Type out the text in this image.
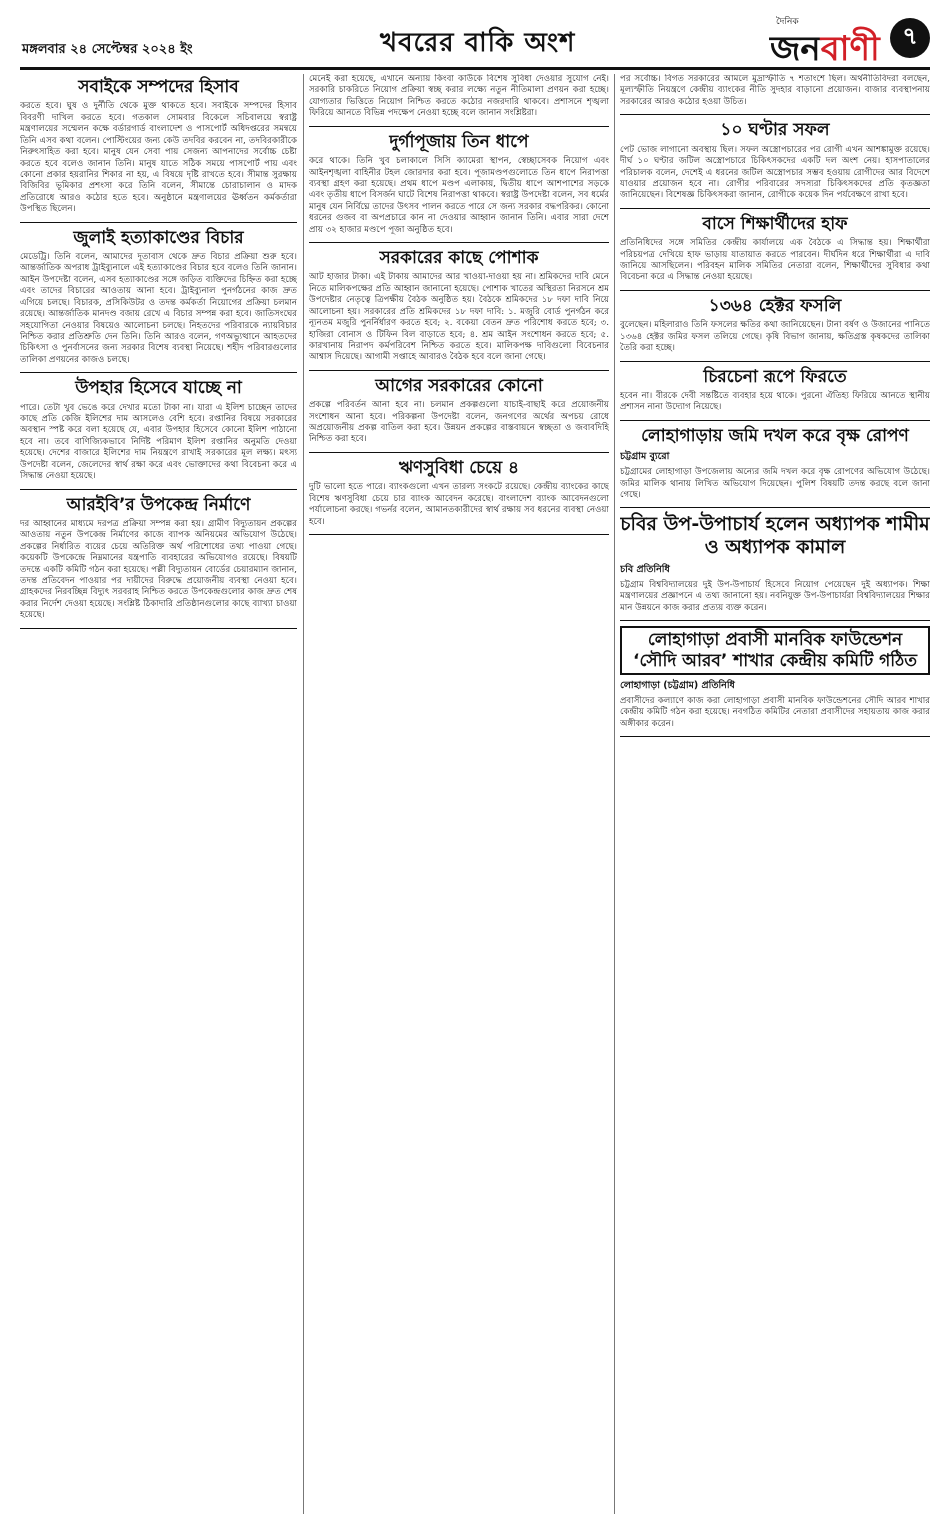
মঙ্গলবার ২৪ সেপ্টেম্বর ২০২৪ ইং	খবরের বাকি অংশ
দৈনিক
জনবাণী ৭
সবাইকে সম্পদের হিসাব
করতে হবে। ঘুষ ও দুর্নীতি থেকে মুক্ত থাকতে হবে। সবাইকে সম্পদের হিসাব বিবরণী দাখিল করতে হবে। গতকাল সোমবার বিকেলে সচিবালয়ে স্বরাষ্ট্র মন্ত্রণালয়ের সম্মেলন কক্ষে বর্ডারগার্ড বাংলাদেশ ও পাসপোর্ট অধিদপ্তরের সমন্বয়ে তিনি এসব কথা বলেন। পোস্টিংয়ের জন্য কেউ তদবির করবেন না, তদবিরকারীকে নিরুৎসাহিত করা হবে। মানুষ যেন সেবা পায় সেজন্য আপনাদের সর্বোচ্চ চেষ্টা করতে হবে বলেও জানান তিনি। মানুষ যাতে সঠিক সময়ে পাসপোর্ট পায় এবং কোনো প্রকার হয়রানির শিকার না হয়, এ বিষয়ে দৃষ্টি রাখতে হবে। সীমান্ত সুরক্ষায় বিজিবির ভূমিকার প্রশংসা করে তিনি বলেন, সীমান্তে চোরাচালান ও মাদক প্রতিরোধে আরও কঠোর হতে হবে। অনুষ্ঠানে মন্ত্রণালয়ের ঊর্ধ্বতন কর্মকর্তারা উপস্থিত ছিলেন।
জুলাই হত্যাকাণ্ডের বিচার
মেডেট্রি। তিনি বলেন, আমাদের দূতাবাস থেকে দ্রুত বিচার প্রক্রিয়া শুরু হবে। আন্তর্জাতিক অপরাধ ট্রাইব্যুনালে এই হত্যাকাণ্ডের বিচার হবে বলেও তিনি জানান। আইন উপদেষ্টা বলেন, এসব হত্যাকাণ্ডের সঙ্গে জড়িত ব্যক্তিদের চিহ্নিত করা হচ্ছে এবং তাদের বিচারের আওতায় আনা হবে। ট্রাইব্যুনাল পুনর্গঠনের কাজ দ্রুত এগিয়ে চলছে। বিচারক, প্রসিকিউটর ও তদন্ত কর্মকর্তা নিয়োগের প্রক্রিয়া চলমান রয়েছে। আন্তর্জাতিক মানদণ্ড বজায় রেখে এ বিচার সম্পন্ন করা হবে। জাতিসংঘের সহযোগিতা নেওয়ার বিষয়েও আলোচনা চলছে। নিহতদের পরিবারকে ন্যায়বিচার নিশ্চিত করার প্রতিশ্রুতি দেন তিনি। তিনি আরও বলেন, গণঅভ্যুত্থানে আহতদের চিকিৎসা ও পুনর্বাসনের জন্য সরকার বিশেষ ব্যবস্থা নিয়েছে। শহীদ পরিবারগুলোর তালিকা প্রণয়নের কাজও চলছে।
উপহার হিসেবে যাচ্ছে না
পারে। তেটা খুব ভেঙে করে দেখার মতো টাকা না। যারা এ ইলিশ চাচ্ছেন তাদের কাছে প্রতি কেজি ইলিশের দাম আসলেও বেশি হবে। রপ্তানির বিষয়ে সরকারের অবস্থান স্পষ্ট করে বলা হয়েছে যে, এবার উপহার হিসেবে কোনো ইলিশ পাঠানো হবে না। তবে বাণিজ্যিকভাবে নির্দিষ্ট পরিমাণ ইলিশ রপ্তানির অনুমতি দেওয়া হয়েছে। দেশের বাজারে ইলিশের দাম নিয়ন্ত্রণে রাখাই সরকারের মূল লক্ষ্য। মৎস্য উপদেষ্টা বলেন, জেলেদের স্বার্থ রক্ষা করে এবং ভোক্তাদের কথা বিবেচনা করে এ সিদ্ধান্ত নেওয়া হয়েছে।
আরইবি’র উপকেন্দ্র নির্মাণে
দর আহ্বানের মাধ্যমে দরপত্র প্রক্রিয়া সম্পন্ন করা হয়। গ্রামীণ বিদ্যুতায়ন প্রকল্পের আওতায় নতুন উপকেন্দ্র নির্মাণের কাজে ব্যাপক অনিয়মের অভিযোগ উঠেছে। প্রকল্পের নির্ধারিত ব্যয়ের চেয়ে অতিরিক্ত অর্থ পরিশোধের তথ্য পাওয়া গেছে। কয়েকটি উপকেন্দ্রে নিম্নমানের যন্ত্রপাতি ব্যবহারের অভিযোগও রয়েছে। বিষয়টি তদন্তে একটি কমিটি গঠন করা হয়েছে। পল্লী বিদ্যুতায়ন বোর্ডের চেয়ারম্যান জানান, তদন্ত প্রতিবেদন পাওয়ার পর দায়ীদের বিরুদ্ধে প্রয়োজনীয় ব্যবস্থা নেওয়া হবে। গ্রাহকদের নিরবচ্ছিন্ন বিদ্যুৎ সরবরাহ নিশ্চিত করতে উপকেন্দ্রগুলোর কাজ দ্রুত শেষ করার নির্দেশ দেওয়া হয়েছে। সংশ্লিষ্ট ঠিকাদারি প্রতিষ্ঠানগুলোর কাছে ব্যাখ্যা চাওয়া হয়েছে।
মেনেই করা হয়েছে, এখানে অন্যায় কিংবা কাউকে বিশেষ সুবিধা দেওয়ার সুযোগ নেই। সরকারি চাকরিতে নিয়োগ প্রক্রিয়া স্বচ্ছ করার লক্ষ্যে নতুন নীতিমালা প্রণয়ন করা হচ্ছে। যোগ্যতার ভিত্তিতে নিয়োগ নিশ্চিত করতে কঠোর নজরদারি থাকবে। প্রশাসনে শৃঙ্খলা ফিরিয়ে আনতে বিভিন্ন পদক্ষেপ নেওয়া হচ্ছে বলে জানান সংশ্লিষ্টরা।
দুর্গাপূজায় তিন ধাপে
করে থাকে। তিনি খুব চলাকালে সিসি ক্যামেরা স্থাপন, স্বেচ্ছাসেবক নিয়োগ এবং আইনশৃঙ্খলা বাহিনীর টহল জোরদার করা হবে। পূজামণ্ডপগুলোতে তিন ধাপে নিরাপত্তা ব্যবস্থা গ্রহণ করা হয়েছে। প্রথম ধাপে মণ্ডপ এলাকায়, দ্বিতীয় ধাপে আশপাশের সড়কে এবং তৃতীয় ধাপে বিসর্জন ঘাটে বিশেষ নিরাপত্তা থাকবে। স্বরাষ্ট্র উপদেষ্টা বলেন, সব ধর্মের মানুষ যেন নির্বিঘ্নে তাদের উৎসব পালন করতে পারে সে জন্য সরকার বদ্ধপরিকর। কোনো ধরনের গুজব বা অপপ্রচারে কান না দেওয়ার আহ্বান জানান তিনি। এবার সারা দেশে প্রায় ৩২ হাজার মণ্ডপে পূজা অনুষ্ঠিত হবে।
সরকারের কাছে পোশাক
আট হাজার টাকা। এই টাকায় আমাদের আর খাওয়া-দাওয়া হয় না। শ্রমিকদের দাবি মেনে নিতে মালিকপক্ষের প্রতি আহ্বান জানানো হয়েছে। পোশাক খাতের অস্থিরতা নিরসনে শ্রম উপদেষ্টার নেতৃত্বে ত্রিপক্ষীয় বৈঠক অনুষ্ঠিত হয়। বৈঠকে শ্রমিকদের ১৮ দফা দাবি নিয়ে আলোচনা হয়। সরকারের প্রতি শ্রমিকদের ১৮ দফা দাবি: ১. মজুরি বোর্ড পুনর্গঠন করে ন্যূনতম মজুরি পুনর্নির্ধারণ করতে হবে; ২. বকেয়া বেতন দ্রুত পরিশোধ করতে হবে; ৩. হাজিরা বোনাস ও টিফিন বিল বাড়াতে হবে; ৪. শ্রম আইন সংশোধন করতে হবে; ৫. কারখানায় নিরাপদ কর্মপরিবেশ নিশ্চিত করতে হবে। মালিকপক্ষ দাবিগুলো বিবেচনার আশ্বাস দিয়েছে। আগামী সপ্তাহে আবারও বৈঠক হবে বলে জানা গেছে।
আগের সরকারের কোনো
প্রকল্পে পরিবর্তন আনা হবে না। চলমান প্রকল্পগুলো যাচাই-বাছাই করে প্রয়োজনীয় সংশোধন আনা হবে। পরিকল্পনা উপদেষ্টা বলেন, জনগণের অর্থের অপচয় রোধে অপ্রয়োজনীয় প্রকল্প বাতিল করা হবে। উন্নয়ন প্রকল্পের বাস্তবায়নে স্বচ্ছতা ও জবাবদিহি নিশ্চিত করা হবে।
ঋণসুবিধা চেয়ে ৪
দুটি ভালো হতে পারে। ব্যাংকগুলো এখন তারল্য সংকটে রয়েছে। কেন্দ্রীয় ব্যাংকের কাছে বিশেষ ঋণসুবিধা চেয়ে চার ব্যাংক আবেদন করেছে। বাংলাদেশ ব্যাংক আবেদনগুলো পর্যালোচনা করছে। গভর্নর বলেন, আমানতকারীদের স্বার্থ রক্ষায় সব ধরনের ব্যবস্থা নেওয়া হবে।
পর সর্বোচ্চ। বিগত সরকারের আমলে মুদ্রাস্ফীতি ৭ শতাংশে ছিল। অর্থনীতিবিদরা বলছেন, মূল্যস্ফীতি নিয়ন্ত্রণে কেন্দ্রীয় ব্যাংকের নীতি সুদহার বাড়ানো প্রয়োজন। বাজার ব্যবস্থাপনায় সরকারের আরও কঠোর হওয়া উচিত।
১০ ঘণ্টার সফল
পেট ভোজ লাগানো অবস্থায় ছিল। সফল অস্ত্রোপচারের পর রোগী এখন আশঙ্কামুক্ত রয়েছে। দীর্ঘ ১০ ঘণ্টার জটিল অস্ত্রোপচারে চিকিৎসকদের একটি দল অংশ নেয়। হাসপাতালের পরিচালক বলেন, দেশেই এ ধরনের জটিল অস্ত্রোপচার সম্ভব হওয়ায় রোগীদের আর বিদেশে যাওয়ার প্রয়োজন হবে না। রোগীর পরিবারের সদস্যরা চিকিৎসকদের প্রতি কৃতজ্ঞতা জানিয়েছেন। বিশেষজ্ঞ চিকিৎসকরা জানান, রোগীকে কয়েক দিন পর্যবেক্ষণে রাখা হবে।
বাসে শিক্ষার্থীদের হাফ
প্রতিনিধিদের সঙ্গে সমিতির কেন্দ্রীয় কার্যালয়ে এক বৈঠকে এ সিদ্ধান্ত হয়। শিক্ষার্থীরা পরিচয়পত্র দেখিয়ে হাফ ভাড়ায় যাতায়াত করতে পারবেন। দীর্ঘদিন ধরে শিক্ষার্থীরা এ দাবি জানিয়ে আসছিলেন। পরিবহন মালিক সমিতির নেতারা বলেন, শিক্ষার্থীদের সুবিধার কথা বিবেচনা করে এ সিদ্ধান্ত নেওয়া হয়েছে।
১৩৬৪ হেক্টর ফসলি
বুলেছেন। মহিলারাও তিনি ফসলের ক্ষতির কথা জানিয়েছেন। টানা বর্ষণ ও উজানের পানিতে ১৩৬৪ হেক্টর জমির ফসল তলিয়ে গেছে। কৃষি বিভাগ জানায়, ক্ষতিগ্রস্ত কৃষকদের তালিকা তৈরি করা হচ্ছে।
চিরচেনা রূপে ফিরতে
হবেন না। বীরকে দেবী সন্তষ্টিতে ব্যবহার হয়ে থাকে। পুরনো ঐতিহ্য ফিরিয়ে আনতে স্থানীয় প্রশাসন নানা উদ্যোগ নিয়েছে।
লোহাগাড়ায় জমি দখল করে বৃক্ষ রোপণ
চট্টগ্রাম ব্যুরো
চট্টগ্রামের লোহাগাড়া উপজেলায় অন্যের জমি দখল করে বৃক্ষ রোপণের অভিযোগ উঠেছে। জমির মালিক থানায় লিখিত অভিযোগ দিয়েছেন। পুলিশ বিষয়টি তদন্ত করছে বলে জানা গেছে।
চবির উপ-উপাচার্য হলেন অধ্যাপক শামীম ও অধ্যাপক কামাল
চবি প্রতিনিধি
চট্টগ্রাম বিশ্ববিদ্যালয়ের দুই উপ-উপাচার্য হিসেবে নিয়োগ পেয়েছেন দুই অধ্যাপক। শিক্ষা মন্ত্রণালয়ের প্রজ্ঞাপনে এ তথ্য জানানো হয়। নবনিযুক্ত উপ-উপাচার্যরা বিশ্ববিদ্যালয়ের শিক্ষার মান উন্নয়নে কাজ করার প্রত্যয় ব্যক্ত করেন।
লোহাগাড়া প্রবাসী মানবিক ফাউন্ডেশন ‘সৌদি আরব’ শাখার কেন্দ্রীয় কমিটি গঠিত
লোহাগাড়া (চট্টগ্রাম) প্রতিনিধি
প্রবাসীদের কল্যাণে কাজ করা লোহাগাড়া প্রবাসী মানবিক ফাউন্ডেশনের সৌদি আরব শাখার কেন্দ্রীয় কমিটি গঠন করা হয়েছে। নবগঠিত কমিটির নেতারা প্রবাসীদের সহায়তায় কাজ করার অঙ্গীকার করেন।
